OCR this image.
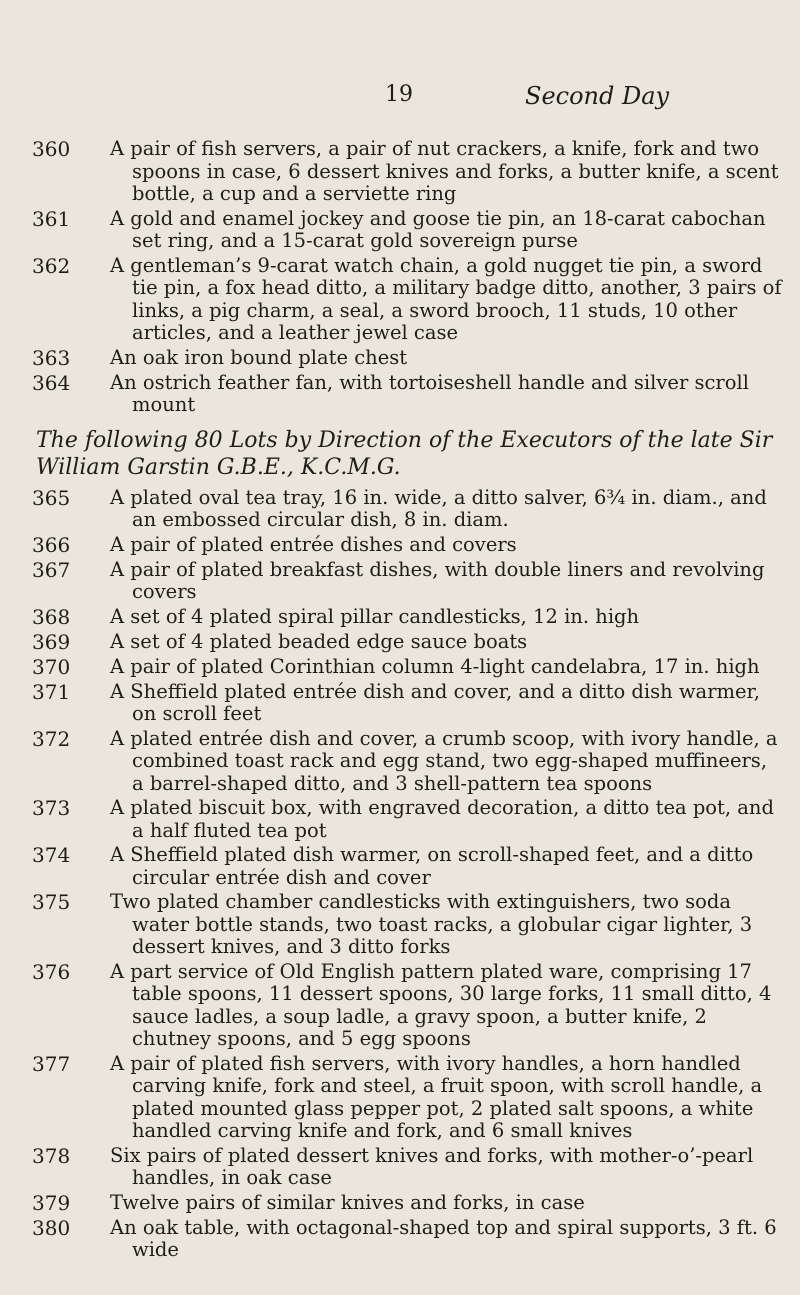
19	Second Day
360	A pair of fish servers, a pair of nut crackers, a knife, fork and two spoons in case, 6 dessert knives and forks, a butter knife, a scent bottle, a cup and a serviette ring
361	A gold and enamel jockey and goose tie pin, an 18-carat cabochan set ring, and a 15-carat gold sovereign purse
362	A gentleman’s 9-carat watch chain, a gold nugget tie pin, a sword tie pin, a fox head ditto, a military badge ditto, another, 3 pairs of links, a pig charm, a seal, a sword brooch, 11 studs, 10 other articles, and a leather jewel case
363	An oak iron bound plate chest
364	An ostrich feather fan, with tortoiseshell handle and silver scroll mount
The following 80 Lots by Direction of the Executors of the late Sir William Garstin G.B.E., K.C.M.G.
365	A plated oval tea tray, 16 in. wide, a ditto salver, 6¾ in. diam., and an embossed circular dish, 8 in. diam.
366	A pair of plated entrée dishes and covers
367	A pair of plated breakfast dishes, with double liners and revolving covers
368	A set of 4 plated spiral pillar candlesticks, 12 in. high
369	A set of 4 plated beaded edge sauce boats
370	A pair of plated Corinthian column 4-light candelabra, 17 in. high
371	A Sheffield plated entrée dish and cover, and a ditto dish warmer, on scroll feet
372	A plated entrée dish and cover, a crumb scoop, with ivory handle, a combined toast rack and egg stand, two egg-shaped muffineers, a barrel-shaped ditto, and 3 shell-pattern tea spoons
373	A plated biscuit box, with engraved decoration, a ditto tea pot, and a half fluted tea pot
374	A Sheffield plated dish warmer, on scroll-shaped feet, and a ditto circular entrée dish and cover
375	Two plated chamber candlesticks with extinguishers, two soda water bottle stands, two toast racks, a globular cigar lighter, 3 dessert knives, and 3 ditto forks
376	A part service of Old English pattern plated ware, comprising 17 table spoons, 11 dessert spoons, 30 large forks, 11 small ditto, 4 sauce ladles, a soup ladle, a gravy spoon, a butter knife, 2 chutney spoons, and 5 egg spoons
377	A pair of plated fish servers, with ivory handles, a horn handled carving knife, fork and steel, a fruit spoon, with scroll handle, a plated mounted glass pepper pot, 2 plated salt spoons, a white handled carving knife and fork, and 6 small knives
378	Six pairs of plated dessert knives and forks, with mother-o’-pearl handles, in oak case
379	Twelve pairs of similar knives and forks, in case
380	An oak table, with octagonal-shaped top and spiral supports, 3 ft. 6 wide
